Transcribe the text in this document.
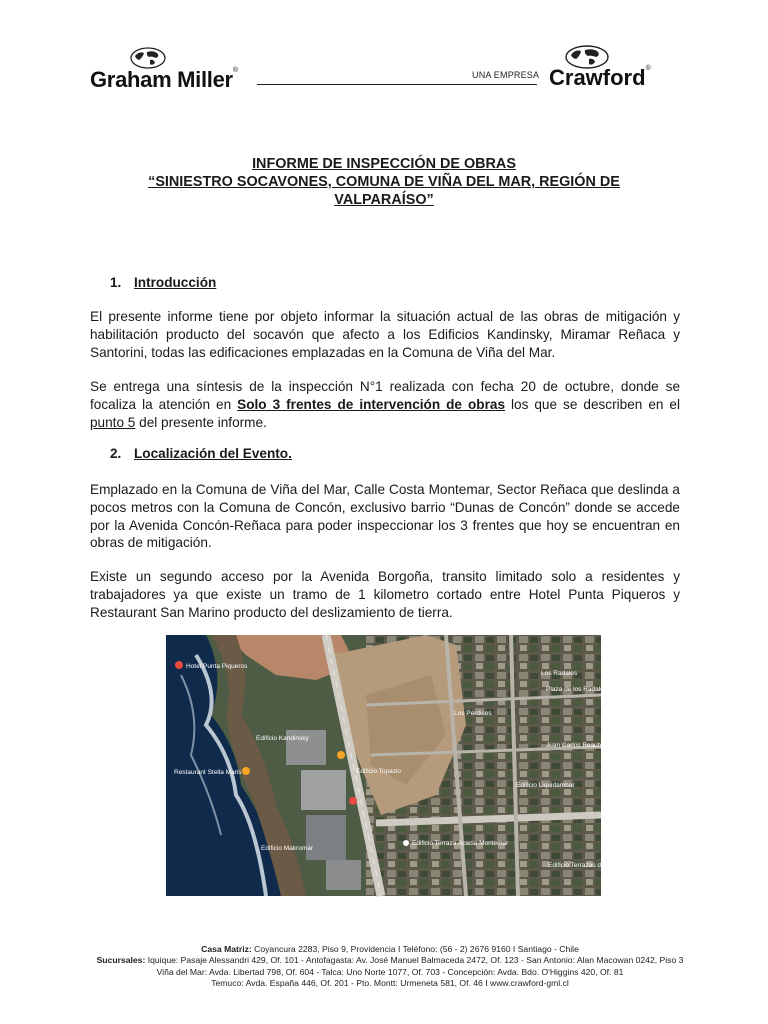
Graham Miller®	UNA EMPRESA Crawford®
INFORME DE INSPECCIÓN DE OBRAS
“SINIESTRO SOCAVONES, COMUNA DE VIÑA DEL MAR, REGIÓN DE
VALPARAÍSO”
1. Introducción
El presente informe tiene por objeto informar la situación actual de las obras de mitigación y habilitación producto del socavón que afecto a los Edificios Kandinsky, Miramar Reñaca y Santorini, todas las edificaciones emplazadas en la Comuna de Viña del Mar.
Se entrega una síntesis de la inspección N°1 realizada con fecha 20 de octubre, donde se focaliza la atención en Solo 3 frentes de intervención de obras los que se describen en el punto 5 del presente informe.
2. Localización del Evento.
Emplazado en la Comuna de Viña del Mar, Calle Costa Montemar, Sector Reñaca que deslinda a pocos metros con la Comuna de Concón, exclusivo barrio “Dunas de Concón” donde se accede por la Avenida Concón-Reñaca para poder inspeccionar los 3 frentes que hoy se encuentran en obras de mitigación.
Existe un segundo acceso por la Avenida Borgoña, transito limitado solo a residentes y trabajadores ya que existe un tramo de 1 kilometro cortado entre Hotel Punta Piqueros y Restaurant San Marino producto del deslizamiento de tierra.
Hotel Punta Piqueros
Edificio Kandinsky
Restaurant Stella Maris
Edificio Makromar
Plaza de los Radales
Juan Carlos Beauty & Spa
Edificio Liquidambar
Edificio Terrazas de Montemar
Edificio Terraza Acacia Montemar
Los Radales
Los Perdices
Edificio Topazio
Casa Matriz: Coyancura 2283, Piso 9, Providencia I Teléfono: (56 - 2) 2676 9160 I Santiago - Chile
Sucursales: Iquique: Pasaje Alessandri 429, Of. 101 - Antofagasta: Av. José Manuel Balmaceda 2472, Of. 123 - San Antonio: Alan Macowan 0242, Piso 3
Viña del Mar: Avda. Libertad 798, Of. 604 - Talca: Uno Norte 1077, Of. 703 - Concepción: Avda. Bdo. O'Higgins 420, Of. 81
Temuco: Avda. España 446, Of. 201 - Pto. Montt: Urmeneta 581, Of. 46 I www.crawford-gml.cl
